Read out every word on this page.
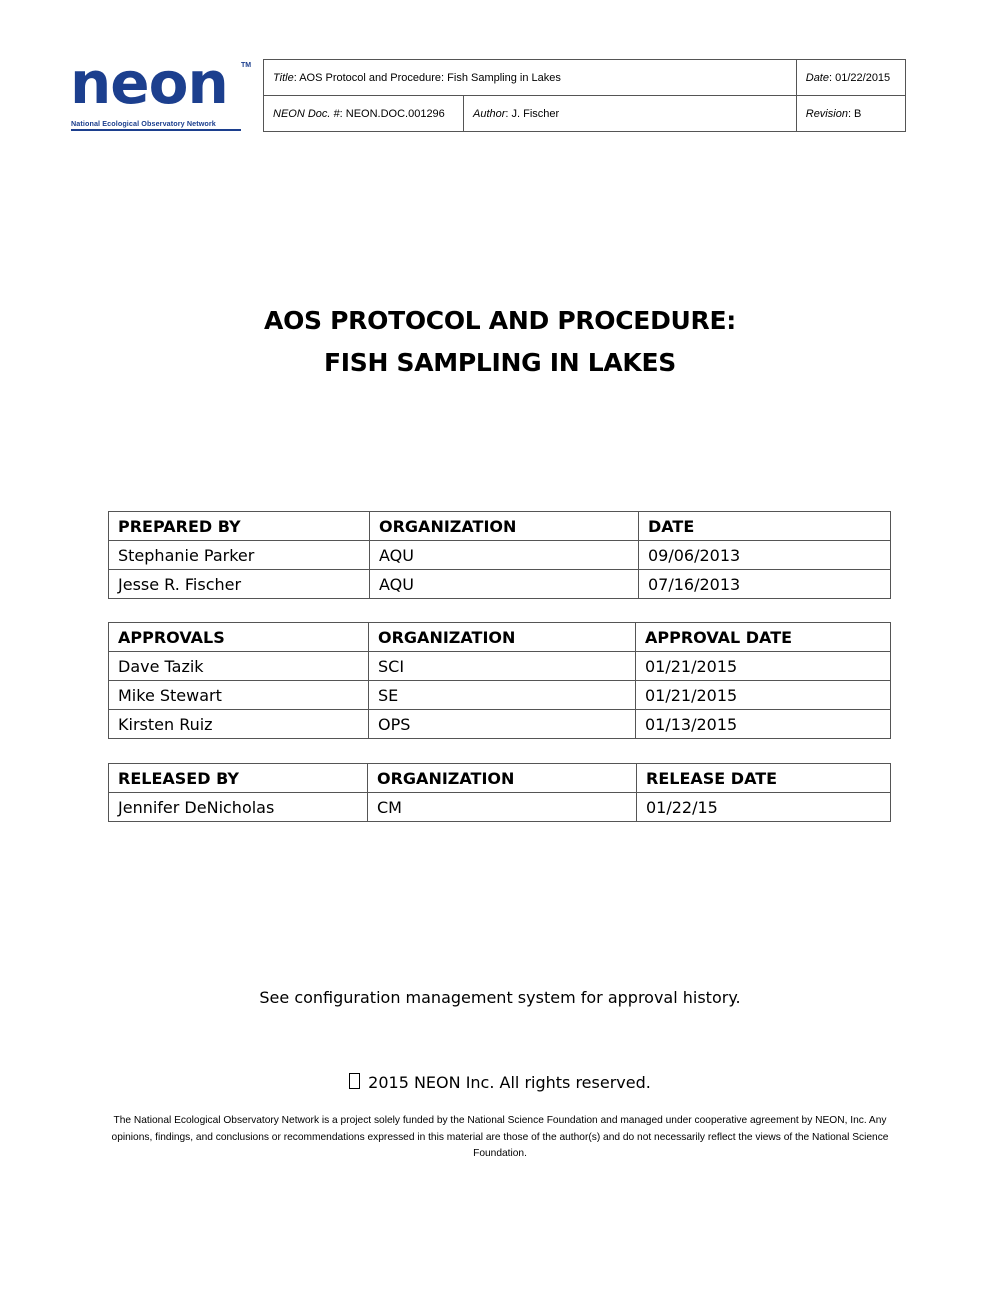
neon TM
National Ecological Observatory Network
Title: AOS Protocol and Procedure: Fish Sampling in Lakes		Date: 01/22/2015
NEON Doc. #: NEON.DOC.001296	Author: J. Fischer	Revision: B
AOS PROTOCOL AND PROCEDURE:
FISH SAMPLING IN LAKES
PREPARED BY	ORGANIZATION	DATE
Stephanie Parker	AQU	09/06/2013
Jesse R. Fischer	AQU	07/16/2013
APPROVALS	ORGANIZATION	APPROVAL DATE
Dave Tazik	SCI	01/21/2015
Mike Stewart	SE	01/21/2015
Kirsten Ruiz	OPS	01/13/2015
RELEASED BY	ORGANIZATION	RELEASE DATE
Jennifer DeNicholas	CM	01/22/15
See configuration management system for approval history.
2015 NEON Inc. All rights reserved.
The National Ecological Observatory Network is a project solely funded by the National Science Foundation and managed under cooperative agreement by NEON, Inc. Any opinions, findings, and conclusions or recommendations expressed in this material are those of the author(s) and do not necessarily reflect the views of the National Science Foundation.
